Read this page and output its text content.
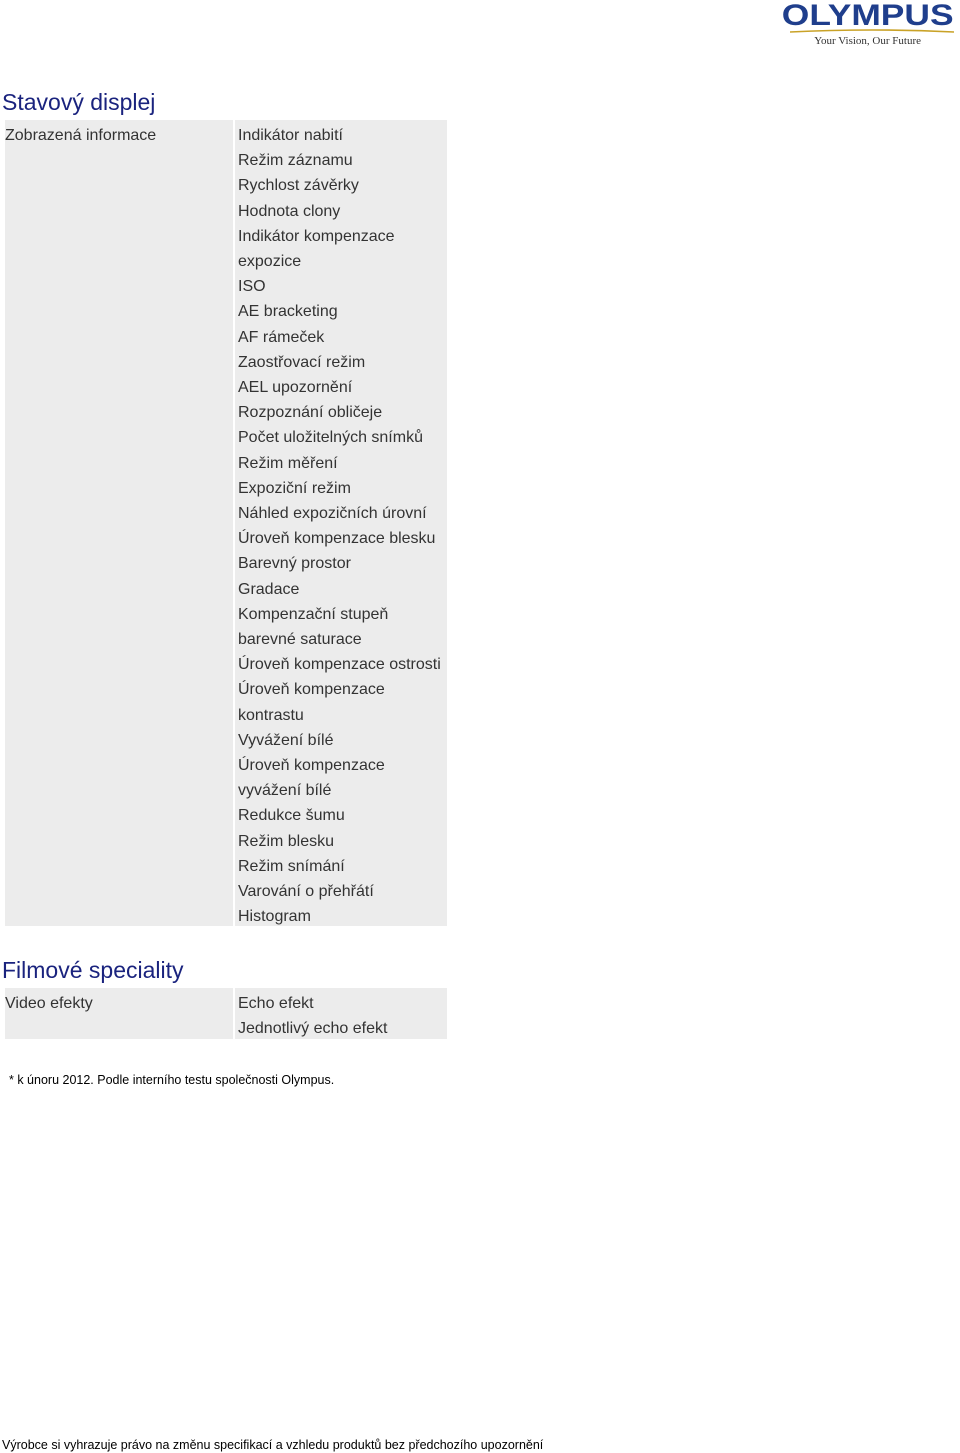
OLYMPUS
Your Vision, Our Future
Stavový displej
Zobrazená informace	Indikátor nabití
Režim záznamu
Rychlost závěrky
Hodnota clony
Indikátor kompenzace
expozice
ISO
AE bracketing
AF rámeček
Zaostřovací režim
AEL upozornění
Rozpoznání obličeje
Počet uložitelných snímků
Režim měření
Expoziční režim
Náhled expozičních úrovní
Úroveň kompenzace blesku
Barevný prostor
Gradace
Kompenzační stupeň
barevné saturace
Úroveň kompenzace ostrosti
Úroveň kompenzace
kontrastu
Vyvážení bílé
Úroveň kompenzace
vyvážení bílé
Redukce šumu
Režim blesku
Režim snímání
Varování o přehřátí
Histogram
Filmové speciality
Video efekty	Echo efekt
Jednotlivý echo efekt
* k únoru 2012. Podle interního testu společnosti Olympus.
Výrobce si vyhrazuje právo na změnu specifikací a vzhledu produktů bez předchozího upozornění
